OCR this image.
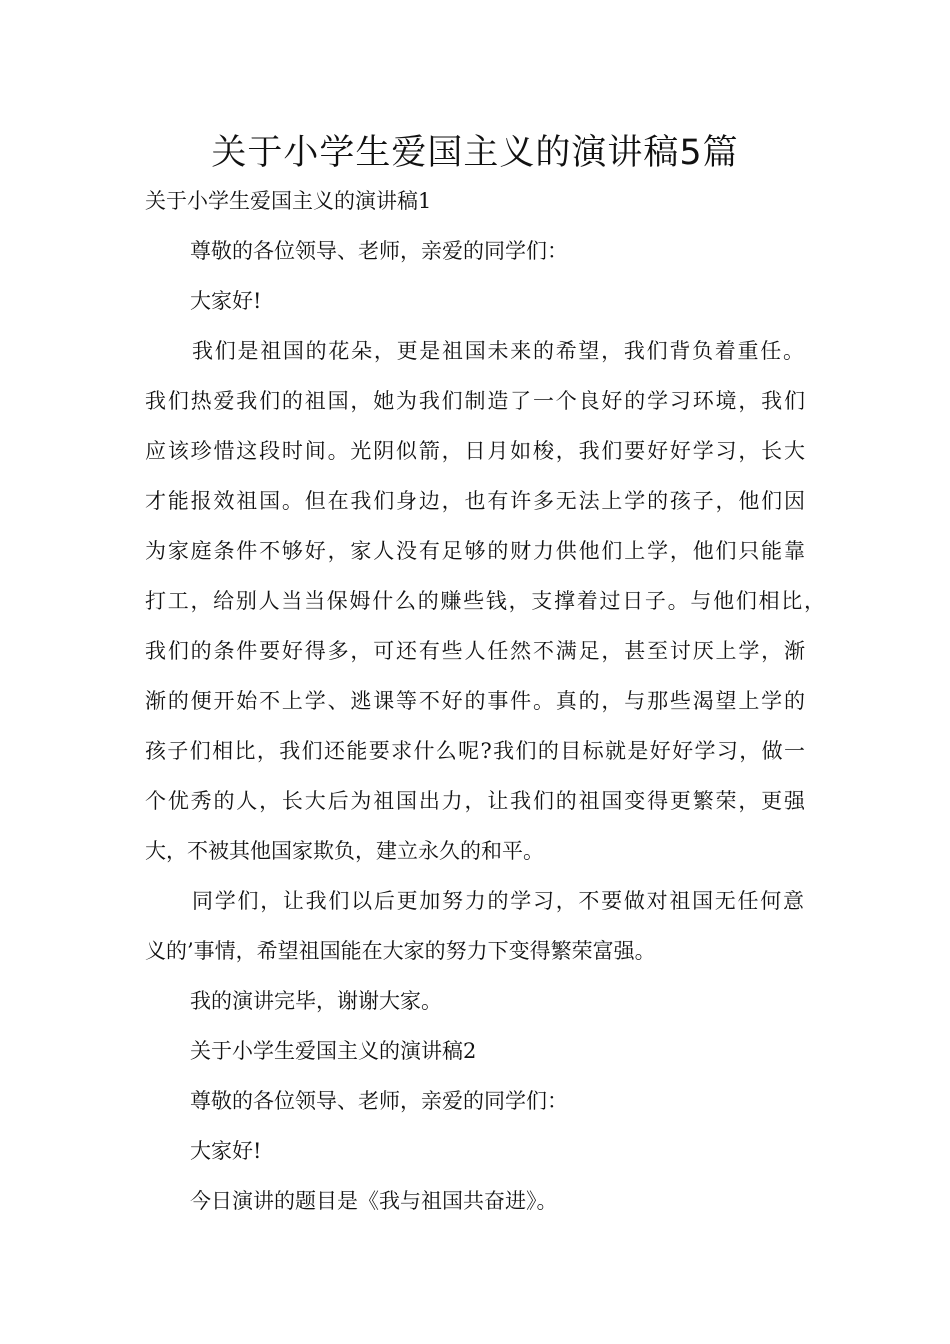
关于小学生爱国主义的演讲稿5篇

关于小学生爱国主义的演讲稿1

尊敬的各位领导、老师，亲爱的同学们：

大家好!

我们是祖国的花朵，更是祖国未来的希望，我们背负着重任。

我们热爱我们的祖国，她为我们制造了一个良好的学习环境，我们

应该珍惜这段时间。光阴似箭，日月如梭，我们要好好学习，长大

才能报效祖国。但在我们身边，也有许多无法上学的孩子，他们因

为家庭条件不够好，家人没有足够的财力供他们上学，他们只能靠

打工，给别人当当保姆什么的赚些钱，支撑着过日子。与他们相比，

我们的条件要好得多，可还有些人任然不满足，甚至讨厌上学，渐

渐的便开始不上学、逃课等不好的事件。真的，与那些渴望上学的

孩子们相比，我们还能要求什么呢?我们的目标就是好好学习，做一

个优秀的人，长大后为祖国出力，让我们的祖国变得更繁荣，更强

大，不被其他国家欺负，建立永久的和平。

同学们，让我们以后更加努力的学习，不要做对祖国无任何意

义的’事情，希望祖国能在大家的努力下变得繁荣富强。

我的演讲完毕，谢谢大家。

关于小学生爱国主义的演讲稿2

尊敬的各位领导、老师，亲爱的同学们：

大家好!

今日演讲的题目是《我与祖国共奋进》。
